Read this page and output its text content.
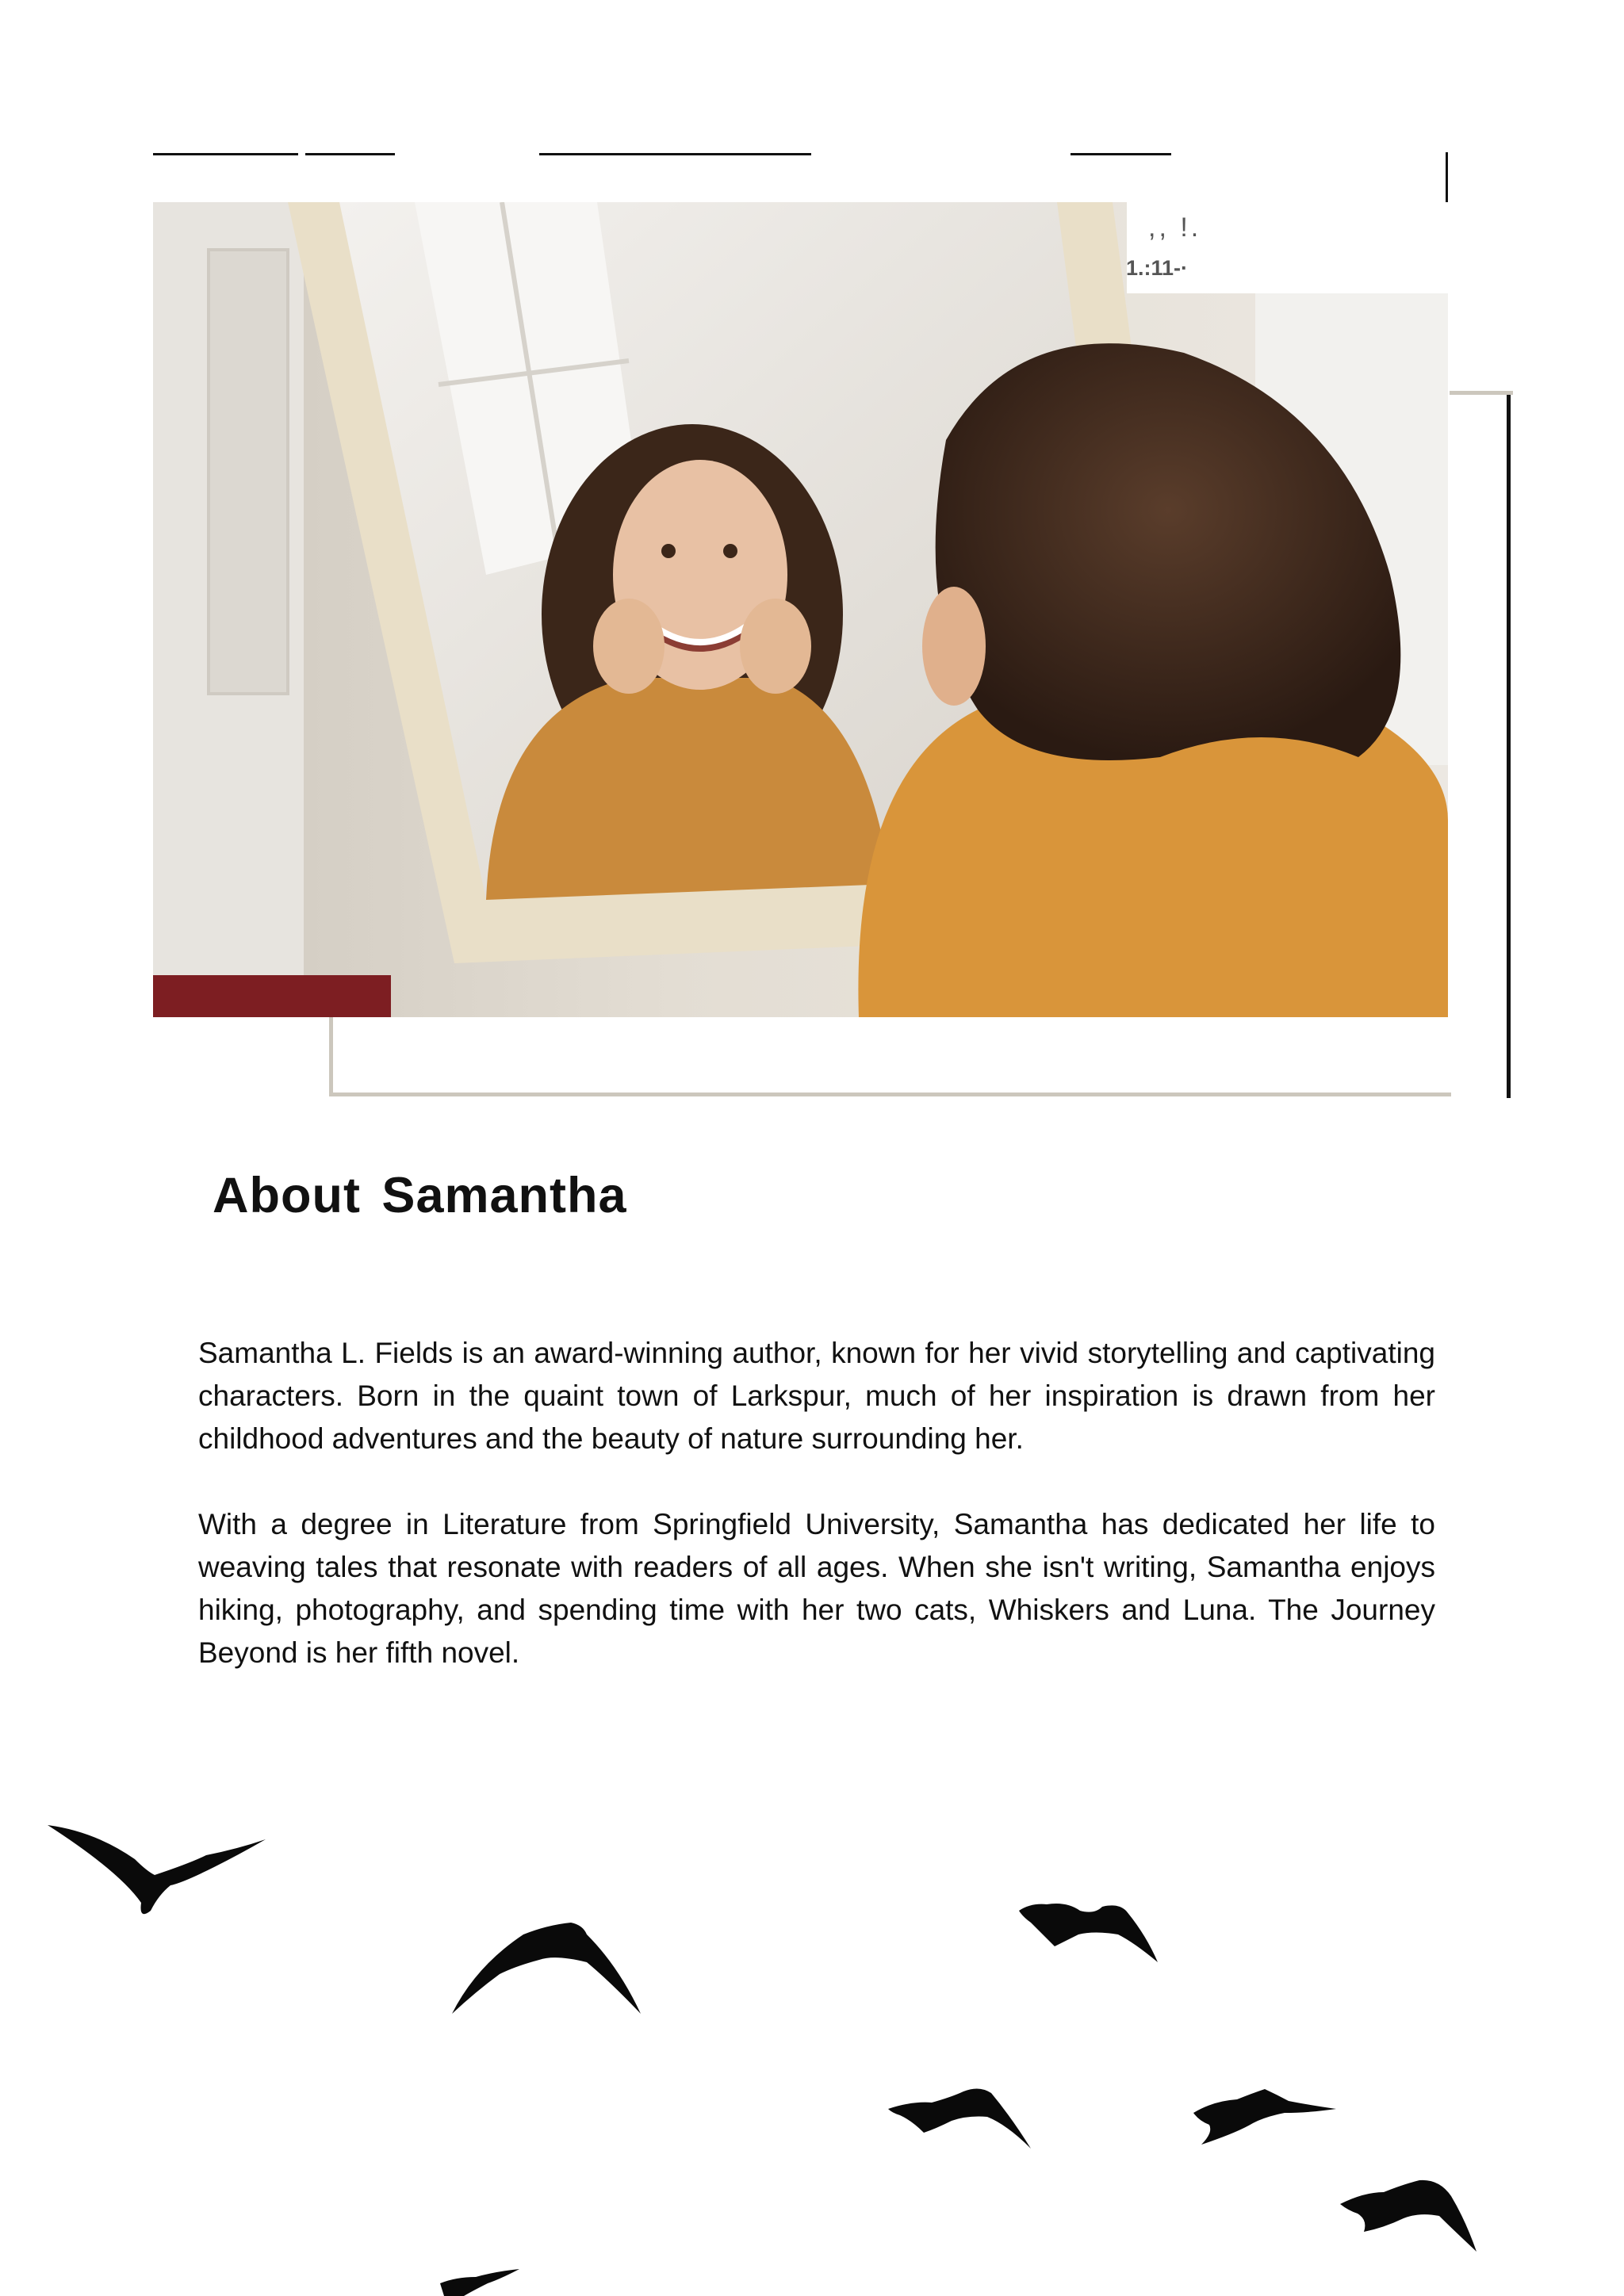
,, !.
1.:11-·
About Samantha

Samantha L. Fields is an award-winning author, known for her vivid storytelling and captivating characters. Born in the quaint town of Larkspur, much of her inspiration is drawn from her childhood adventures and the beauty of nature surrounding her.

With a degree in Literature from Springfield University, Samantha has dedicated her life to weaving tales that resonate with readers of all ages. When she isn't writing, Samantha enjoys hiking, photography, and spending time with her two cats, Whiskers and Luna. The Journey Beyond is her fifth novel.
